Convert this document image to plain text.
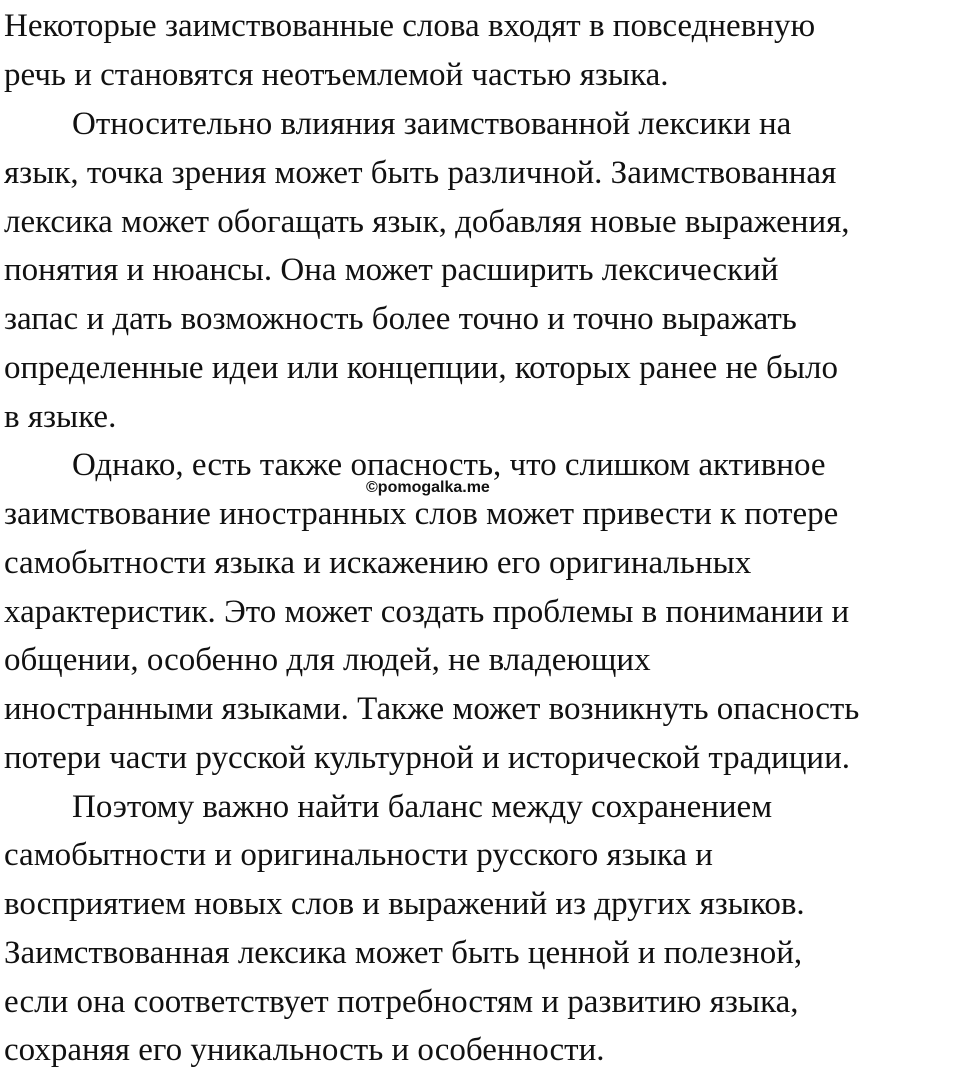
Некоторые заимствованные слова входят в повседневную
речь и становятся неотъемлемой частью языка.
Относительно влияния заимствованной лексики на
язык, точка зрения может быть различной. Заимствованная
лексика может обогащать язык, добавляя новые выражения,
понятия и нюансы. Она может расширить лексический
запас и дать возможность более точно и точно выражать
определенные идеи или концепции, которых ранее не было
в языке.
Однако, есть также опасность, что слишком активное
заимствование иностранных слов может привести к потере
самобытности языка и искажению его оригинальных
характеристик. Это может создать проблемы в понимании и
общении, особенно для людей, не владеющих
иностранными языками. Также может возникнуть опасность
потери части русской культурной и исторической традиции.
Поэтому важно найти баланс между сохранением
самобытности и оригинальности русского языка и
восприятием новых слов и выражений из других языков.
Заимствованная лексика может быть ценной и полезной,
если она соответствует потребностям и развитию языка,
сохраняя его уникальность и особенности.
©pomogalka.me
